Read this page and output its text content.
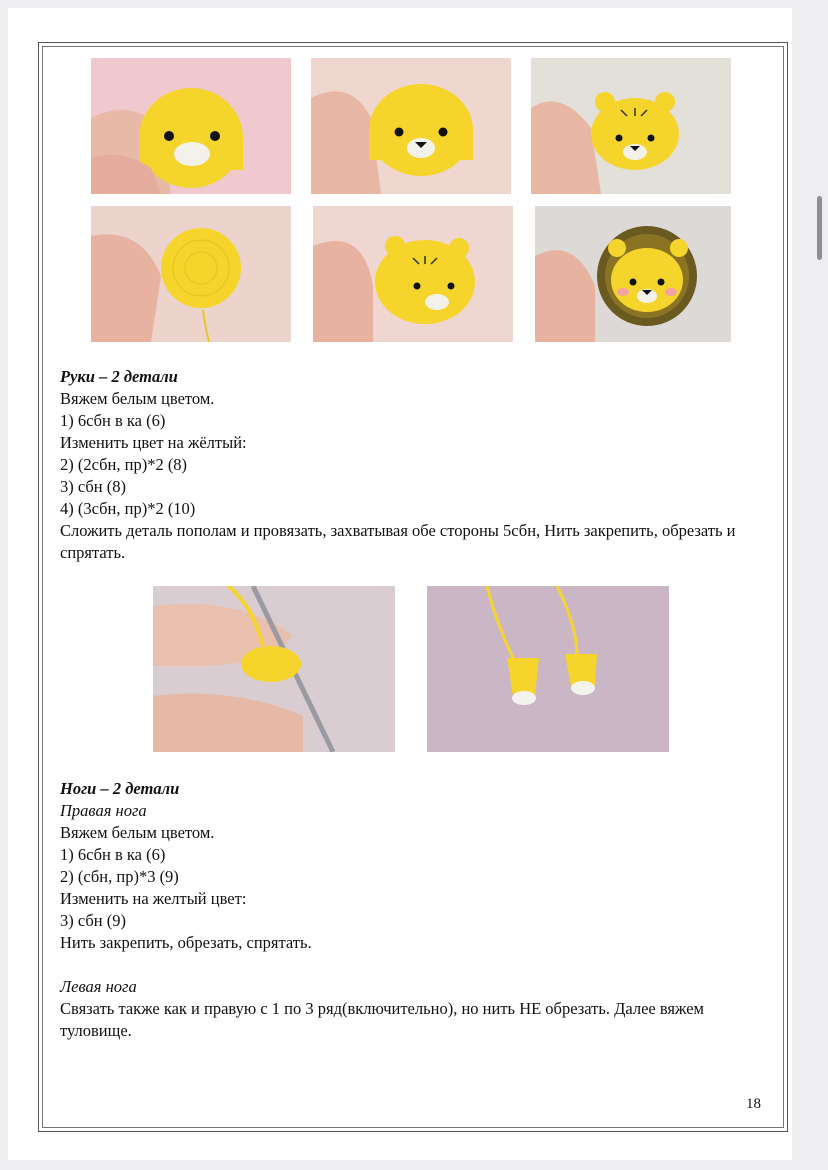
Руки – 2 детали

Вяжем белым цветом.

1) 6сбн в ка (6)

Изменить цвет на жёлтый:

2) (2сбн, пр)*2 (8)

3) сбн (8)

4) (3сбн, пр)*2 (10)

Сложить деталь пополам и провязать, захватывая обе стороны 5сбн, Нить закрепить, обрезать и спрятать.

Ноги – 2 детали

Правая нога

Вяжем белым цветом.

1) 6сбн в ка (6)

2) (сбн, пр)*3 (9)

Изменить на желтый цвет:

3) сбн (9)

Нить закрепить, обрезать, спрятать.

Левая нога

Связать также как и правую с 1 по 3 ряд(включительно), но нить НЕ обрезать. Далее вяжем туловище.

18
